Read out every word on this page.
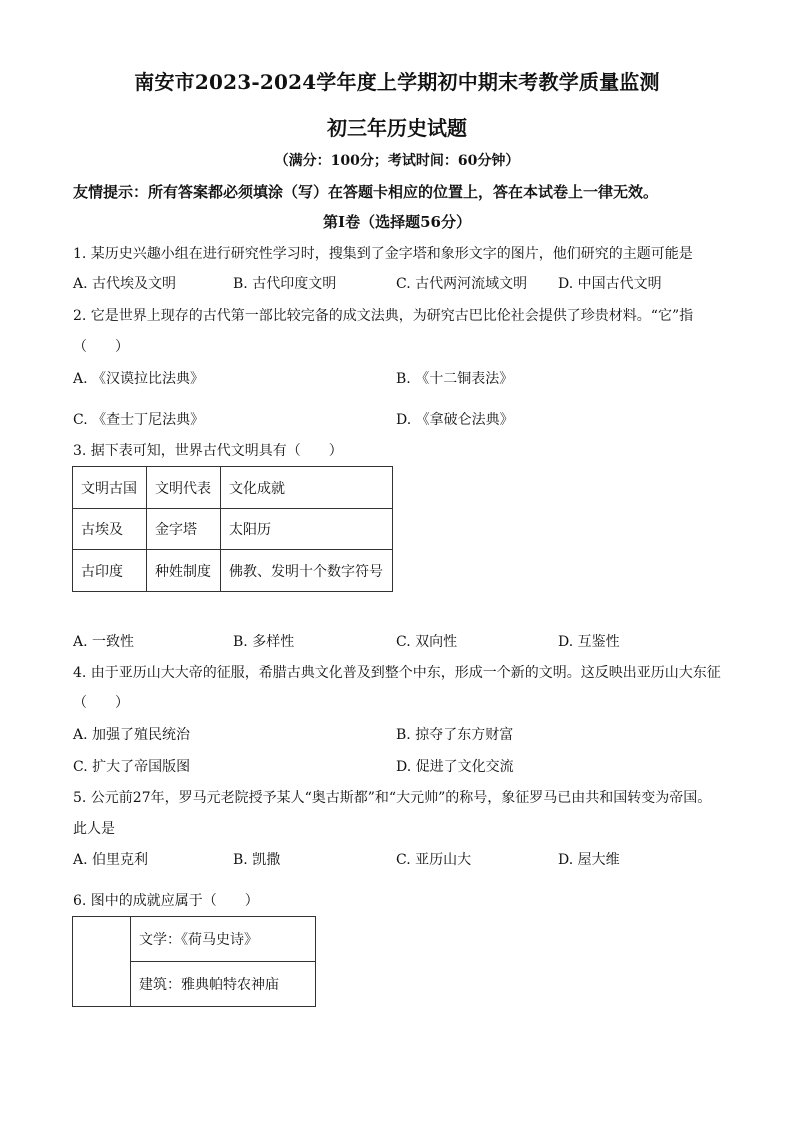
南安市2023-2024学年度上学期初中期末考教学质量监测
初三年历史试题
（满分：100分；考试时间：60分钟）
友情提示：所有答案都必须填涂（写）在答题卡相应的位置上，答在本试卷上一律无效。
第Ⅰ卷（选择题56分）
1. 某历史兴趣小组在进行研究性学习时，搜集到了金字塔和象形文字的图片，他们研究的主题可能是
A. 古代埃及文明	B. 古代印度文明	C. 古代两河流域文明 D. 中国古代文明
2. 它是世界上现存的古代第一部比较完备的成文法典，为研究古巴比伦社会提供了珍贵材料。“它”指
（　　）
A. 《汉谟拉比法典》	B. 《十二铜表法》
C. 《查士丁尼法典》	D. 《拿破仑法典》
3. 据下表可知，世界古代文明具有（　　）
文明古国	文明代表	文化成就
古埃及	金字塔	太阳历
古印度	种姓制度	佛教、发明十个数字符号
A. 一致性	B. 多样性	C. 双向性	D. 互鉴性
4. 由于亚历山大大帝的征服，希腊古典文化普及到整个中东，形成一个新的文明。这反映出亚历山大东征
（　　）
A. 加强了殖民统治	B. 掠夺了东方财富
C. 扩大了帝国版图	D. 促进了文化交流
5. 公元前27年，罗马元老院授予某人“奥古斯都”和“大元帅”的称号，象征罗马已由共和国转变为帝国。
此人是
A. 伯里克利	B. 凯撒	C. 亚历山大	D. 屋大维
6. 图中的成就应属于（　　）
	文学：《荷马史诗》
建筑：雅典帕特农神庙
